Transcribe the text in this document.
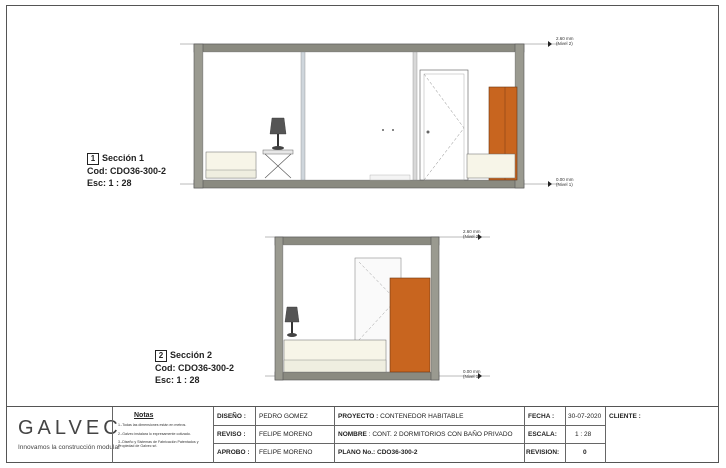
2.60 mm
(Nivel 2)
0.00 mm
(Nivel 1)
1 Sección 1
Cod: CDO36-300-2
Esc: 1 : 28
2.60 mm
(Nivel 2)
0.00 mm
(Nivel 1)
2 Sección 2
Cod: CDO36-300-2
Esc: 1 : 28
GALVEC
Innovamos la construcción modular
Notas
1.-Todas las dimensiones están en metros.
2.-Galvec instalara lo expresamente cotizado.
3.-Diseño y Sistemas de Fabricación Patentados y Propiedad de Galvec srl.
DISEÑO : PEDRO GOMEZ
REVISO : FELIPE MORENO
APROBO : FELIPE MORENO
PROYECTO : CONTENEDOR HABITABLE
NOMBRE : CONT. 2 DORMITORIOS CON BAÑO PRIVADO
PLANO No.: CDO36-300-2
FECHA : 30-07-2020
ESCALA:	1 : 28
REVISION:	0
CLIENTE :
